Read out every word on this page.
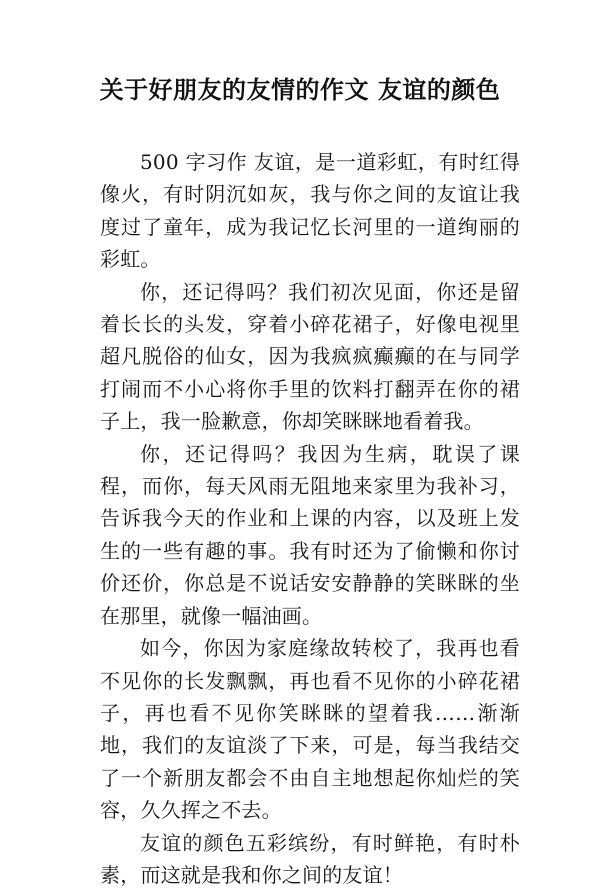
关于好朋友的友情的作文 友谊的颜色

500 字习作 友谊，是一道彩虹，有时红得像火，有时阴沉如灰，我与你之间的友谊让我度过了童年，成为我记忆长河里的一道绚丽的彩虹。

你，还记得吗？我们初次见面，你还是留着长长的头发，穿着小碎花裙子，好像电视里超凡脱俗的仙女，因为我疯疯癫癫的在与同学打闹而不小心将你手里的饮料打翻弄在你的裙子上，我一脸歉意，你却笑眯眯地看着我。

你，还记得吗？我因为生病，耽误了课程，而你，每天风雨无阻地来家里为我补习，告诉我今天的作业和上课的内容，以及班上发生的一些有趣的事。我有时还为了偷懒和你讨价还价，你总是不说话安安静静的笑眯眯的坐在那里，就像一幅油画。

如今，你因为家庭缘故转校了，我再也看不见你的长发飘飘，再也看不见你的小碎花裙子，再也看不见你笑眯眯的望着我……渐渐地，我们的友谊淡了下来，可是，每当我结交了一个新朋友都会不由自主地想起你灿烂的笑容，久久挥之不去。

友谊的颜色五彩缤纷，有时鲜艳，有时朴素，而这就是我和你之间的友谊！
